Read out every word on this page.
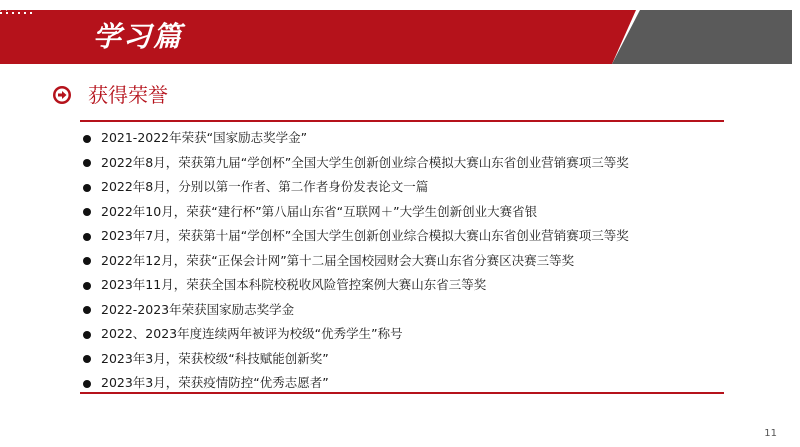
学习篇
获得荣誉
2021-2022年荣获“国家励志奖学金”
2022年8月，荣获第九届“学创杯”全国大学生创新创业综合模拟大赛山东省创业营销赛项三等奖
2022年8月，分别以第一作者、第二作者身份发表论文一篇
2022年10月，荣获“建行杯”第八届山东省“互联网＋”大学生创新创业大赛省银
2023年7月，荣获第十届“学创杯”全国大学生创新创业综合模拟大赛山东省创业营销赛项三等奖
2022年12月，荣获“正保会计网”第十二届全国校园财会大赛山东省分赛区决赛三等奖
2023年11月，荣获全国本科院校税收风险管控案例大赛山东省三等奖
2022-2023年荣获国家励志奖学金
2022、2023年度连续两年被评为校级“优秀学生”称号
2023年3月，荣获校级“科技赋能创新奖”
2023年3月，荣获疫情防控“优秀志愿者”
11
